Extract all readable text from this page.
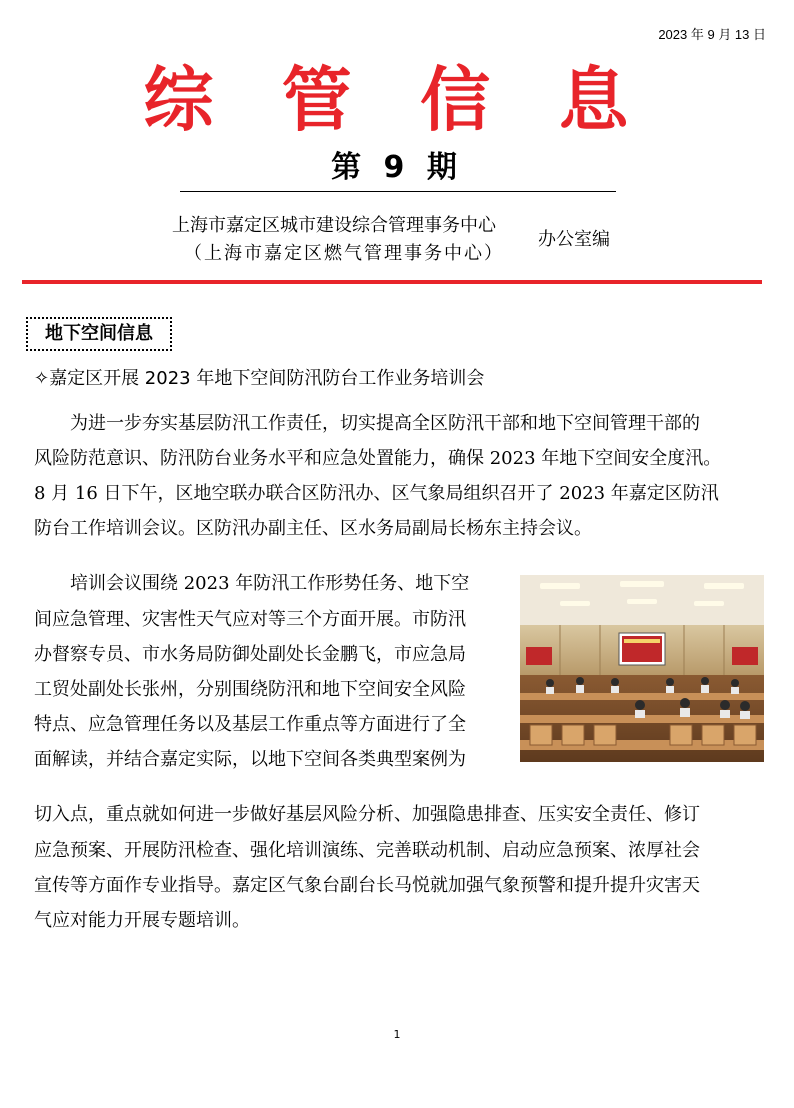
2023 年 9 月 13 日
综 管 信 息
第 9 期
上海市嘉定区城市建设综合管理事务中心
（上海市嘉定区燃气管理事务中心）
办公室编
地下空间信息
✧嘉定区开展 2023 年地下空间防汛防台工作业务培训会
为进一步夯实基层防汛工作责任，切实提高全区防汛干部和地下空间管理干部的
风险防范意识、防汛防台业务水平和应急处置能力，确保 2023 年地下空间安全度汛。
8 月 16 日下午，区地空联办联合区防汛办、区气象局组织召开了 2023 年嘉定区防汛
防台工作培训会议。区防汛办副主任、区水务局副局长杨东主持会议。
培训会议围绕 2023 年防汛工作形势任务、地下空
间应急管理、灾害性天气应对等三个方面开展。市防汛
办督察专员、市水务局防御处副处长金鹏飞，市应急局
工贸处副处长张州，分别围绕防汛和地下空间安全风险
特点、应急管理任务以及基层工作重点等方面进行了全
面解读，并结合嘉定实际，以地下空间各类典型案例为
切入点，重点就如何进一步做好基层风险分析、加强隐患排查、压实安全责任、修订
应急预案、开展防汛检查、强化培训演练、完善联动机制、启动应急预案、浓厚社会
宣传等方面作专业指导。嘉定区气象台副台长马悦就加强气象预警和提升提升灾害天
气应对能力开展专题培训。
1
